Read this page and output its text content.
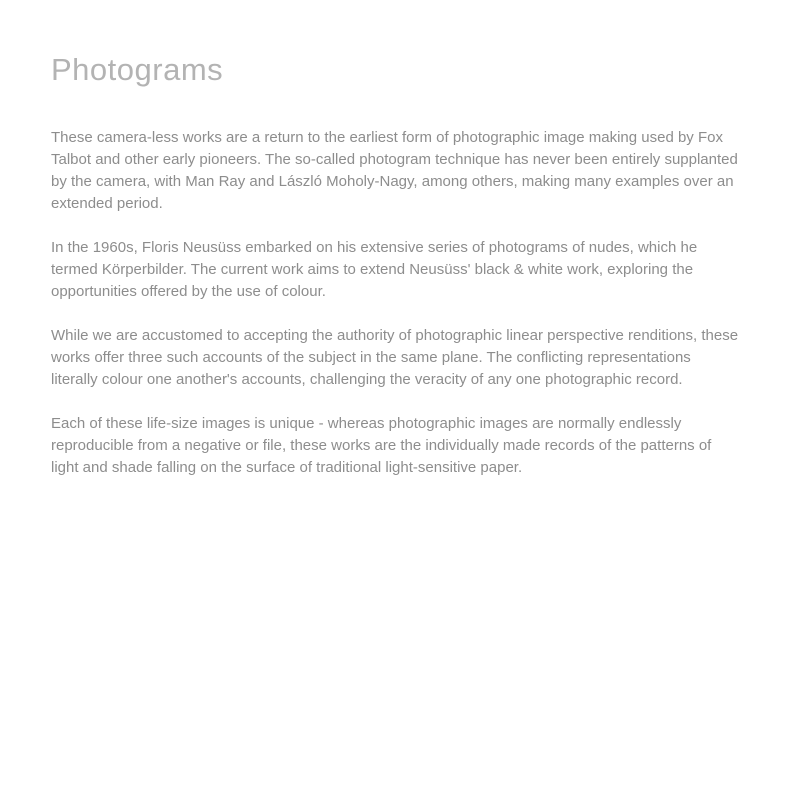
Photograms

These camera-less works are a return to the earliest form of photographic image making used by Fox Talbot and other early pioneers. The so-called photogram technique has never been entirely supplanted by the camera, with Man Ray and László Moholy-Nagy, among others, making many examples over an extended period.

In the 1960s, Floris Neusüss embarked on his extensive series of photograms of nudes, which he termed Körperbilder. The current work aims to extend Neusüss' black & white work, exploring the opportunities offered by the use of colour.

While we are accustomed to accepting the authority of photographic linear perspective renditions, these works offer three such accounts of the subject in the same plane. The conflicting representations literally colour one another's accounts, challenging the veracity of any one photographic record.

Each of these life-size images is unique - whereas photographic images are normally endlessly reproducible from a negative or file, these works are the individually made records of the patterns of light and shade falling on the surface of traditional light-sensitive paper.
